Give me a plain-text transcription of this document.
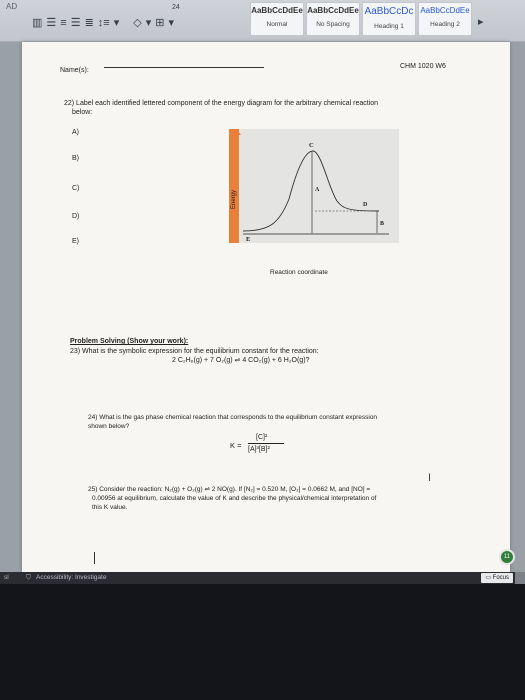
AD
▥ ☰ ≡ ☰ ≣ ↕≡ ▾ ◇ ▾ ⊞ ▾
24	AaBbCcDdEe
Normal
AaBbCcDdEe
No Spacing
AaBbCcDc
Heading 1
AaBbCcDdEe
Heading 2	▸
Name(s):
CHM 1020 W6
22) Label each identified lettered component of the energy diagram for the arbitrary chemical reaction
below:
A)
B)
C)
D)
E)
Energy
C
A
D
B
E
Reaction coordinate
Problem Solving (Show your work):
23) What is the symbolic expression for the equilibrium constant for the reaction:
2 C₂H₆(g) + 7 O₂(g) ⇌ 4 CO₂(g) + 6 H₂O(g)?
24) What is the gas phase chemical reaction that corresponds to the equilibrium constant expression
shown below?
K =
[C]²
[A]³[B]²
I
25) Consider the reaction: N₂(g) + O₂(g) ⇌ 2 NO(g). If [N₂] = 0.520 M, [O₂] = 0.0662 M, and [NO] =
0.00956 at equilibrium, calculate the value of K and describe the physical/chemical interpretation of
this K value.
11
sl	⛉ Accessibility: Investigate	▭ Focus
